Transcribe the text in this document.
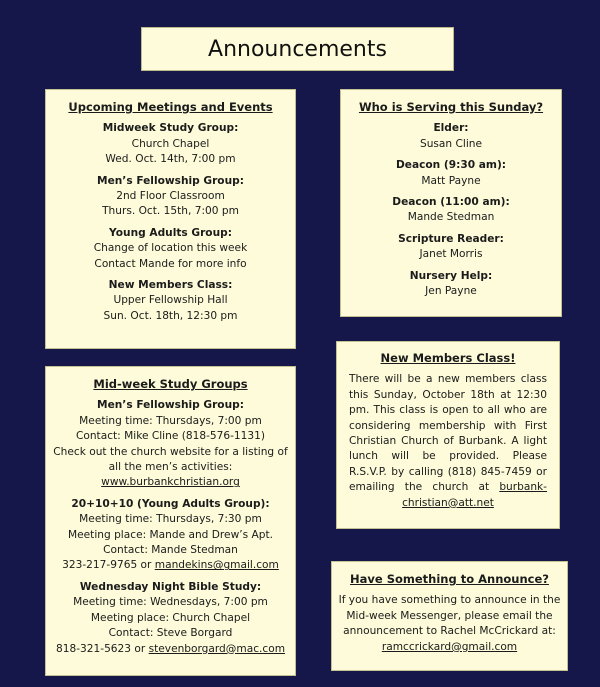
Announcements
Upcoming Meetings and Events
Midweek Study Group:
Church Chapel
Wed. Oct. 14th, 7:00 pm
Men’s Fellowship Group:
2nd Floor Classroom
Thurs. Oct. 15th, 7:00 pm
Young Adults Group:
Change of location this week
Contact Mande for more info
New Members Class:
Upper Fellowship Hall
Sun. Oct. 18th, 12:30 pm
Who is Serving this Sunday?
Elder:
Susan Cline
Deacon (9:30 am):
Matt Payne
Deacon (11:00 am):
Mande Stedman
Scripture Reader:
Janet Morris
Nursery Help:
Jen Payne
New Members Class!
There will be a new members class this Sunday, October 18th at 12:30 pm. This class is open to all who are considering membership with First Christian Church of Burbank. A light lunch will be provided. Please R.S.V.P. by calling (818) 845-7459 or emailing the church at burbank-christian@att.net
Mid-week Study Groups
Men’s Fellowship Group:
Meeting time: Thursdays, 7:00 pm
Contact: Mike Cline (818-576-1131)
Check out the church website for a listing of all the men’s activities:
www.burbankchristian.org
20+10+10 (Young Adults Group):
Meeting time: Thursdays, 7:30 pm
Meeting place: Mande and Drew’s Apt.
Contact: Mande Stedman
323-217-9765 or mandekins@gmail.com
Wednesday Night Bible Study:
Meeting time: Wednesdays, 7:00 pm
Meeting place: Church Chapel
Contact: Steve Borgard
818-321-5623 or stevenborgard@mac.com
Have Something to Announce?
If you have something to announce in the Mid-week Messenger, please email the announcement to Rachel McCrickard at:
ramccrickard@gmail.com
